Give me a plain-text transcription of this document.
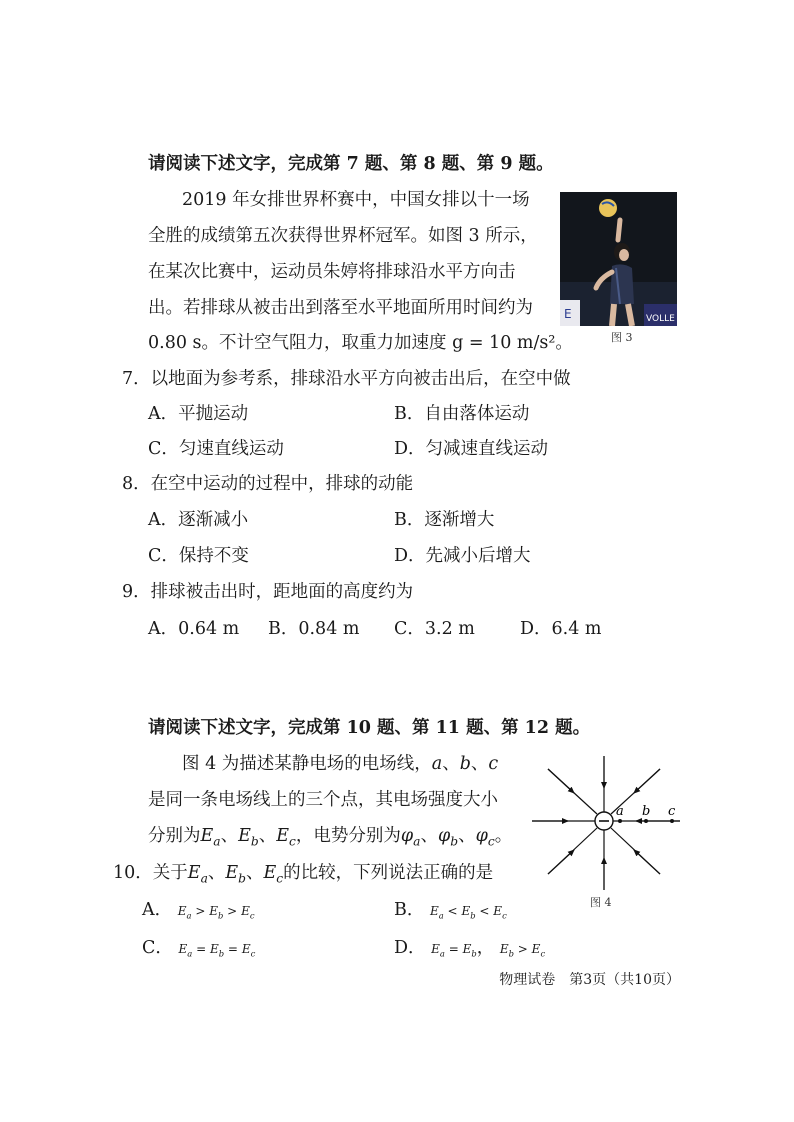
请阅读下述文字，完成第 7 题、第 8 题、第 9 题。
2019 年女排世界杯赛中，中国女排以十一场
全胜的成绩第五次获得世界杯冠军。如图 3 所示，
在某次比赛中，运动员朱婷将排球沿水平方向击
出。若排球从被击出到落至水平地面所用时间约为
0.80 s。不计空气阻力，取重力加速度 g = 10 m/s²。
E	VOLLE
图 3
7．以地面为参考系，排球沿水平方向被击出后，在空中做
A．平抛运动	B．自由落体运动
C．匀速直线运动	D．匀减速直线运动
8．在空中运动的过程中，排球的动能
A．逐渐减小	B．逐渐增大
C．保持不变	D．先减小后增大
9．排球被击出时，距地面的高度约为
A．0.64 m B．0.84 m C．3.2 m	D．6.4 m
请阅读下述文字，完成第 10 题、第 11 题、第 12 题。
图 4 为描述某静电场的电场线，a、b、c
是同一条电场线上的三个点，其电场强度大小
分别为$E_a$、$E_b$、$E_c$，电势分别为$\varphi_a$、$\varphi_b$、$\varphi_c$。
10．关于$E_a$、$E_b$、$E_c$的比较，下列说法正确的是
A． $E_a > E_b > E_c$	B． $E_a < E_b < E_c$
C． $E_a = E_b = E_c$	D． $E_a = E_b$， $E_b > E_c$
a b c
图 4
物理试卷　第3页（共10页）
